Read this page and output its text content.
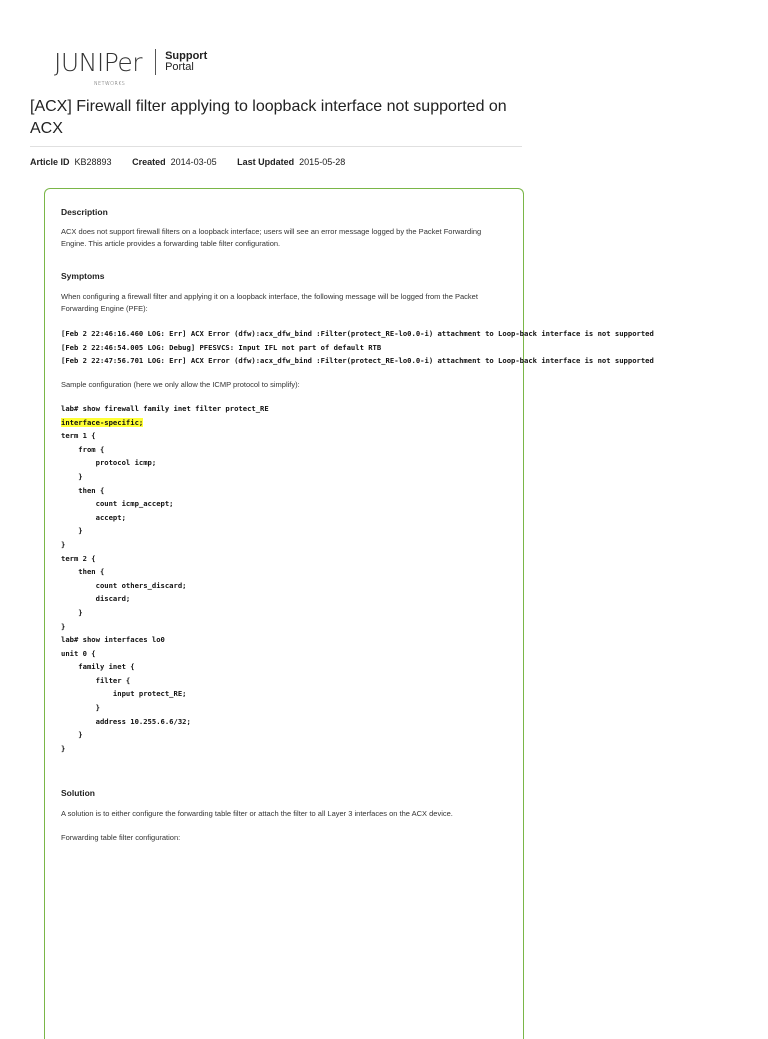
JUNIPer
NETWORKS
Support
Portal
[ACX] Firewall filter applying to loopback interface not supported on ACX
Article ID KB28893 Created 2014-03-05 Last Updated 2015-05-28
Description
ACX does not support firewall filters on a loopback interface; users will see an error message logged by the Packet Forwarding Engine. This article provides a forwarding table filter configuration.
Symptoms
When configuring a firewall filter and applying it on a loopback interface, the following message will be logged from the Packet Forwarding Engine (PFE):
[Feb 2 22:46:16.460 LOG: Err] ACX Error (dfw):acx_dfw_bind :Filter(protect_RE-lo0.0-i) attachment to Loop-back interface is not supported
[Feb 2 22:46:54.005 LOG: Debug] PFESVCS: Input IFL not part of default RTB
[Feb 2 22:47:56.701 LOG: Err] ACX Error (dfw):acx_dfw_bind :Filter(protect_RE-lo0.0-i) attachment to Loop-back interface is not supported
Sample configuration (here we only allow the ICMP protocol to simplify):
lab# show firewall family inet filter protect_RE
interface-specific;
term 1 {
from {
protocol icmp;
}
then {
count icmp_accept;
accept;
}
}
term 2 {
then {
count others_discard;
discard;
}
}
lab# show interfaces lo0
unit 0 {
family inet {
filter {
input protect_RE;
}
address 10.255.6.6/32;
}
}
Solution
A solution is to either configure the forwarding table filter or attach the filter to all Layer 3 interfaces on the ACX device.
Forwarding table filter configuration:
